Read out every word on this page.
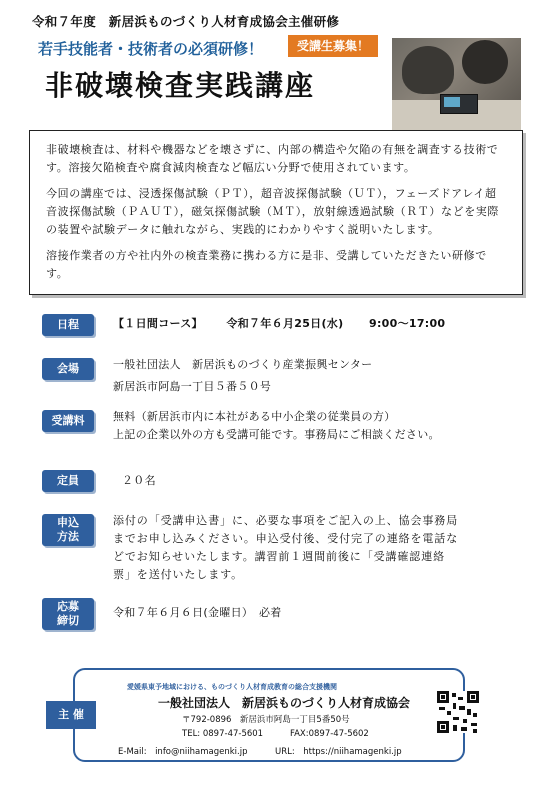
令和７年度　新居浜ものづくり人材育成協会主催研修
若手技能者・技術者の必須研修！	受講生募集！
非破壊検査実践講座

非破壊検査は、材料や機器などを壊さずに、内部の構造や欠陥の有無を調査する技術です。溶接欠陥検査や腐食減肉検査など幅広い分野で使用されています。

今回の講座では、浸透探傷試験（ＰＴ），超音波探傷試験（ＵＴ），フェーズドアレイ超音波探傷試験（ＰＡＵＴ），磁気探傷試験（ＭＴ），放射線透過試験（ＲＴ）などを実際の装置や試験データに触れながら、実践的にわかりやすく説明いたします。

溶接作業者の方や社内外の検査業務に携わる方に是非、受講していただきたい研修です。

日程	【１日間コース】 令和７年６月25日(水) 9:00～17:00
会場	一般社団法人　新居浜ものづくり産業振興センター
新居浜市阿島一丁目５番５０号
受講料	無料（新居浜市内に本社がある中小企業の従業員の方）
上記の企業以外の方も受講可能です。事務局にご相談ください。
定員	２０名
申込
方法
添付の「受講申込書」に、必要な事項をご記入の上、協会事務局
までお申し込みください。申込受付後、受付完了の連絡を電話な
どでお知らせいたします。講習前１週間前後に「受講確認連絡
票」を送付いたします。
応募
締切
令和７年６月６日(金曜日）　必着
愛媛県東予地域における、ものづくり人材育成教育の総合支援機関
主 催
一般社団法人　新居浜ものづくり人材育成協会
〒792-0896　新居浜市阿島一丁目5番50号
TEL: 0897-47-5601	FAX:0897-47-5602
E-Mail:　info@niihamagenki.jp	URL:　https://niihamagenki.jp
